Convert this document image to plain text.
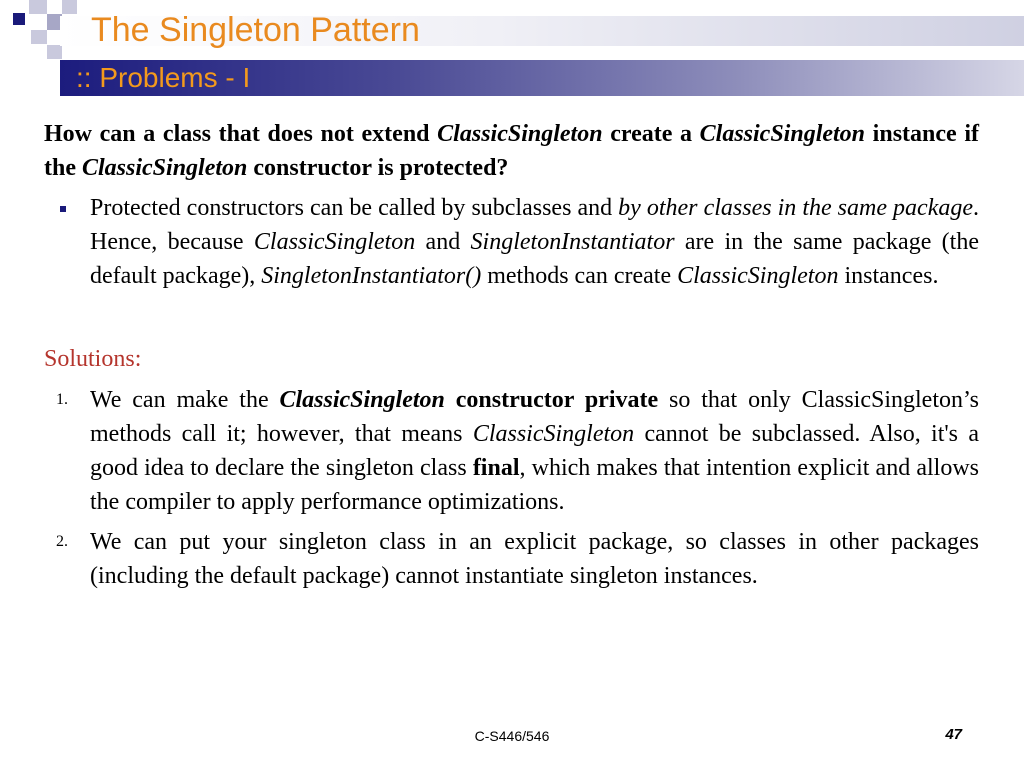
The Singleton Pattern
:: Problems - I

How can a class that does not extend ClassicSingleton create a ClassicSingleton instance if the ClassicSingleton constructor is protected?

Protected constructors can be called by subclasses and by other classes in the same package. Hence, because ClassicSingleton and SingletonInstantiator are in the same package (the default package), SingletonInstantiator() methods can create ClassicSingleton instances.
Solutions:
1. We can make the ClassicSingleton constructor private so that only ClassicSingleton’s methods call it; however, that means ClassicSingleton cannot be subclassed. Also, it's a good idea to declare the singleton class final, which makes that intention explicit and allows the compiler to apply performance optimizations.
2. We can put your singleton class in an explicit package, so classes in other packages (including the default package) cannot instantiate singleton instances.
C-S446/546	47
